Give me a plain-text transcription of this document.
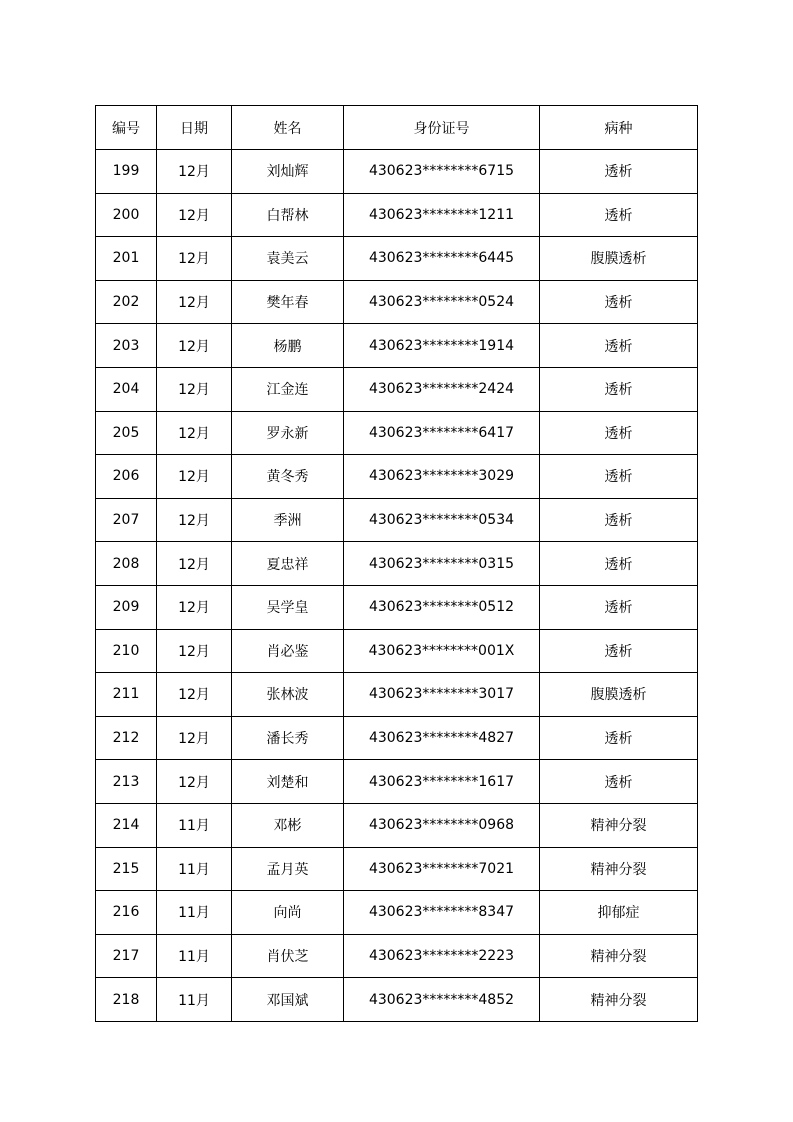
编号	日期	姓名	身份证号	病种
199	12月	刘灿辉	430623********6715	透析
200	12月	白帮林	430623********1211	透析
201	12月	袁美云	430623********6445	腹膜透析
202	12月	樊年春	430623********0524	透析
203	12月	杨鹏	430623********1914	透析
204	12月	江金连	430623********2424	透析
205	12月	罗永新	430623********6417	透析
206	12月	黄冬秀	430623********3029	透析
207	12月	季洲	430623********0534	透析
208	12月	夏忠祥	430623********0315	透析
209	12月	吴学皇	430623********0512	透析
210	12月	肖必鉴	430623********001X	透析
211	12月	张林波	430623********3017	腹膜透析
212	12月	潘长秀	430623********4827	透析
213	12月	刘楚和	430623********1617	透析
214	11月	邓彬	430623********0968	精神分裂
215	11月	孟月英	430623********7021	精神分裂
216	11月	向尚	430623********8347	抑郁症
217	11月	肖伏芝	430623********2223	精神分裂
218	11月	邓国斌	430623********4852	精神分裂
